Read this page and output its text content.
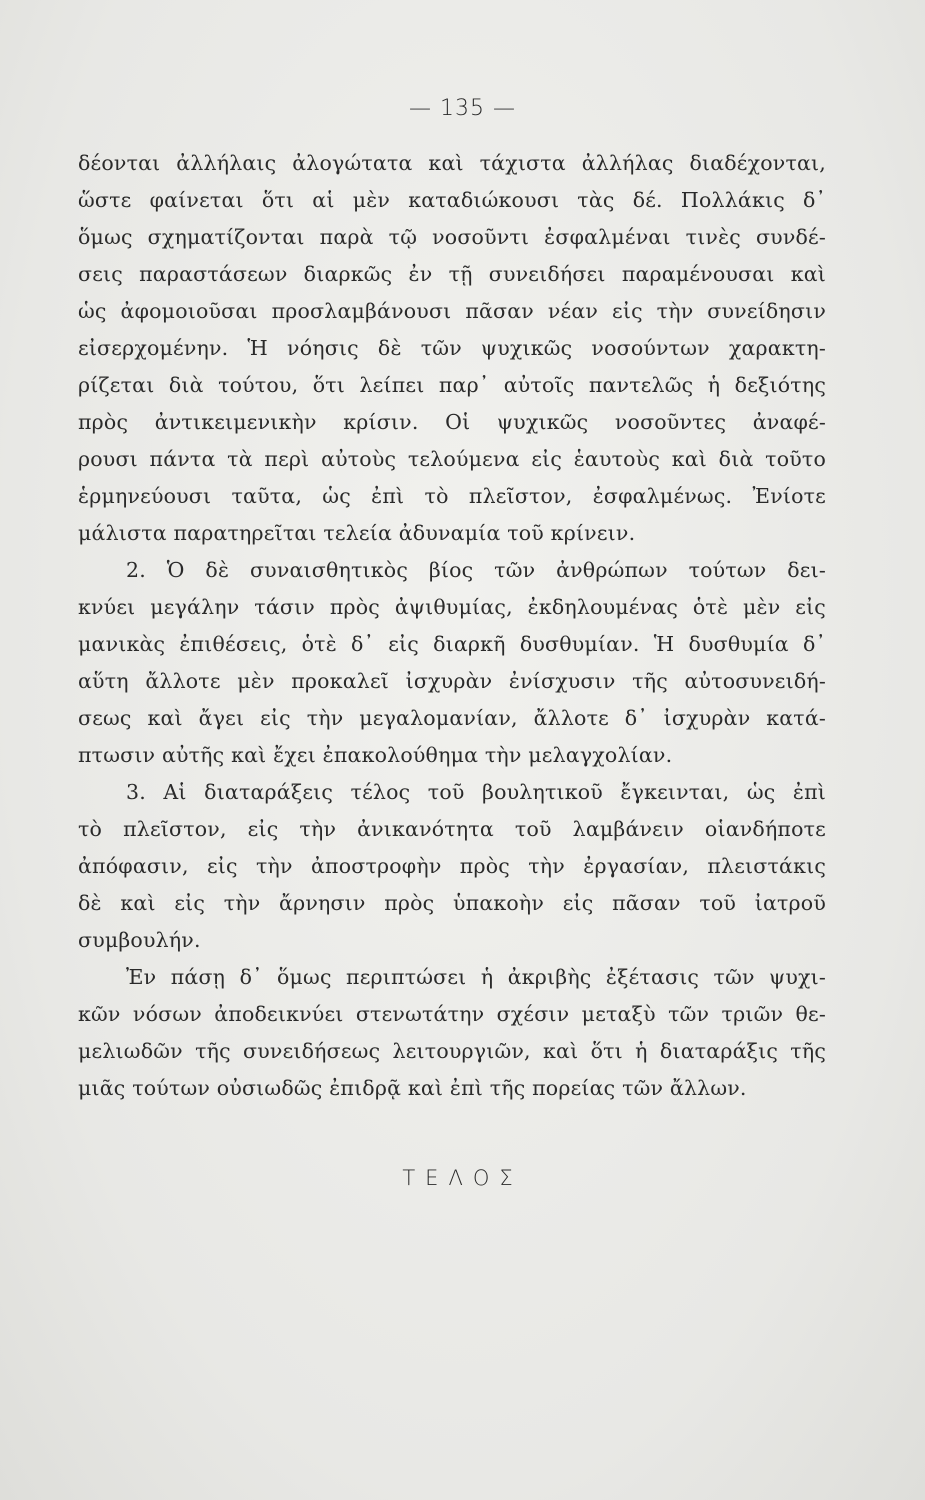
— 135 —
δέονται ἀλλήλαις ἀλογώτατα καὶ τάχιστα ἀλλήλας διαδέχονται,
ὥστε φαίνεται ὅτι αἱ μὲν καταδιώκουσι τὰς δέ. Πολλάκις δ᾿
ὅμως σχηματίζονται παρὰ τῷ νοσοῦντι ἐσφαλμέναι τινὲς συνδέ-
σεις παραστάσεων διαρκῶς ἐν τῇ συνειδήσει παραμένουσαι καὶ
ὡς ἀφομοιοῦσαι προσλαμβάνουσι πᾶσαν νέαν εἰς τὴν συνείδησιν
εἰσερχομένην. Ἡ νόησις δὲ τῶν ψυχικῶς νοσούντων χαρακτη-
ρίζεται διὰ τούτου, ὅτι λείπει παρ᾿ αὐτοῖς παντελῶς ἡ δεξιότης
πρὸς ἀντικειμενικὴν κρίσιν. Οἱ ψυχικῶς νοσοῦντες ἀναφέ-
ρουσι πάντα τὰ περὶ αὐτοὺς τελούμενα εἰς ἑαυτοὺς καὶ διὰ τοῦτο
ἑρμηνεύουσι ταῦτα, ὡς ἐπὶ τὸ πλεῖστον, ἐσφαλμένως. Ἐνίοτε
μάλιστα παρατηρεῖται τελεία ἀδυναμία τοῦ κρίνειν.
2. Ὁ δὲ συναισθητικὸς βίος τῶν ἀνθρώπων τούτων δει-
κνύει μεγάλην τάσιν πρὸς ἀψιθυμίας, ἐκδηλουμένας ὁτὲ μὲν εἰς
μανικὰς ἐπιθέσεις, ὁτὲ δ᾿ εἰς διαρκῆ δυσθυμίαν. Ἡ δυσθυμία δ᾿
αὕτη ἄλλοτε μὲν προκαλεῖ ἰσχυρὰν ἐνίσχυσιν τῆς αὐτοσυνειδή-
σεως καὶ ἄγει εἰς τὴν μεγαλομανίαν, ἄλλοτε δ᾿ ἰσχυρὰν κατά-
πτωσιν αὐτῆς καὶ ἔχει ἐπακολούθημα τὴν μελαγχολίαν.
3. Αἱ διαταράξεις τέλος τοῦ βουλητικοῦ ἔγκεινται, ὡς ἐπὶ
τὸ πλεῖστον, εἰς τὴν ἀνικανότητα τοῦ λαμβάνειν οἱανδήποτε
ἀπόφασιν, εἰς τὴν ἀποστροφὴν πρὸς τὴν ἐργασίαν, πλειστάκις
δὲ καὶ εἰς τὴν ἄρνησιν πρὸς ὑπακοὴν εἰς πᾶσαν τοῦ ἰατροῦ
συμβουλήν.
Ἐν πάσῃ δ᾿ ὅμως περιπτώσει ἡ ἀκριβὴς ἐξέτασις τῶν ψυχι-
κῶν νόσων ἀποδεικνύει στενωτάτην σχέσιν μεταξὺ τῶν τριῶν θε-
μελιωδῶν τῆς συνειδήσεως λειτουργιῶν, καὶ ὅτι ἡ διαταράξις τῆς
μιᾶς τούτων οὐσιωδῶς ἐπιδρᾷ καὶ ἐπὶ τῆς πορείας τῶν ἄλλων.
ΤΕΛΟΣ
